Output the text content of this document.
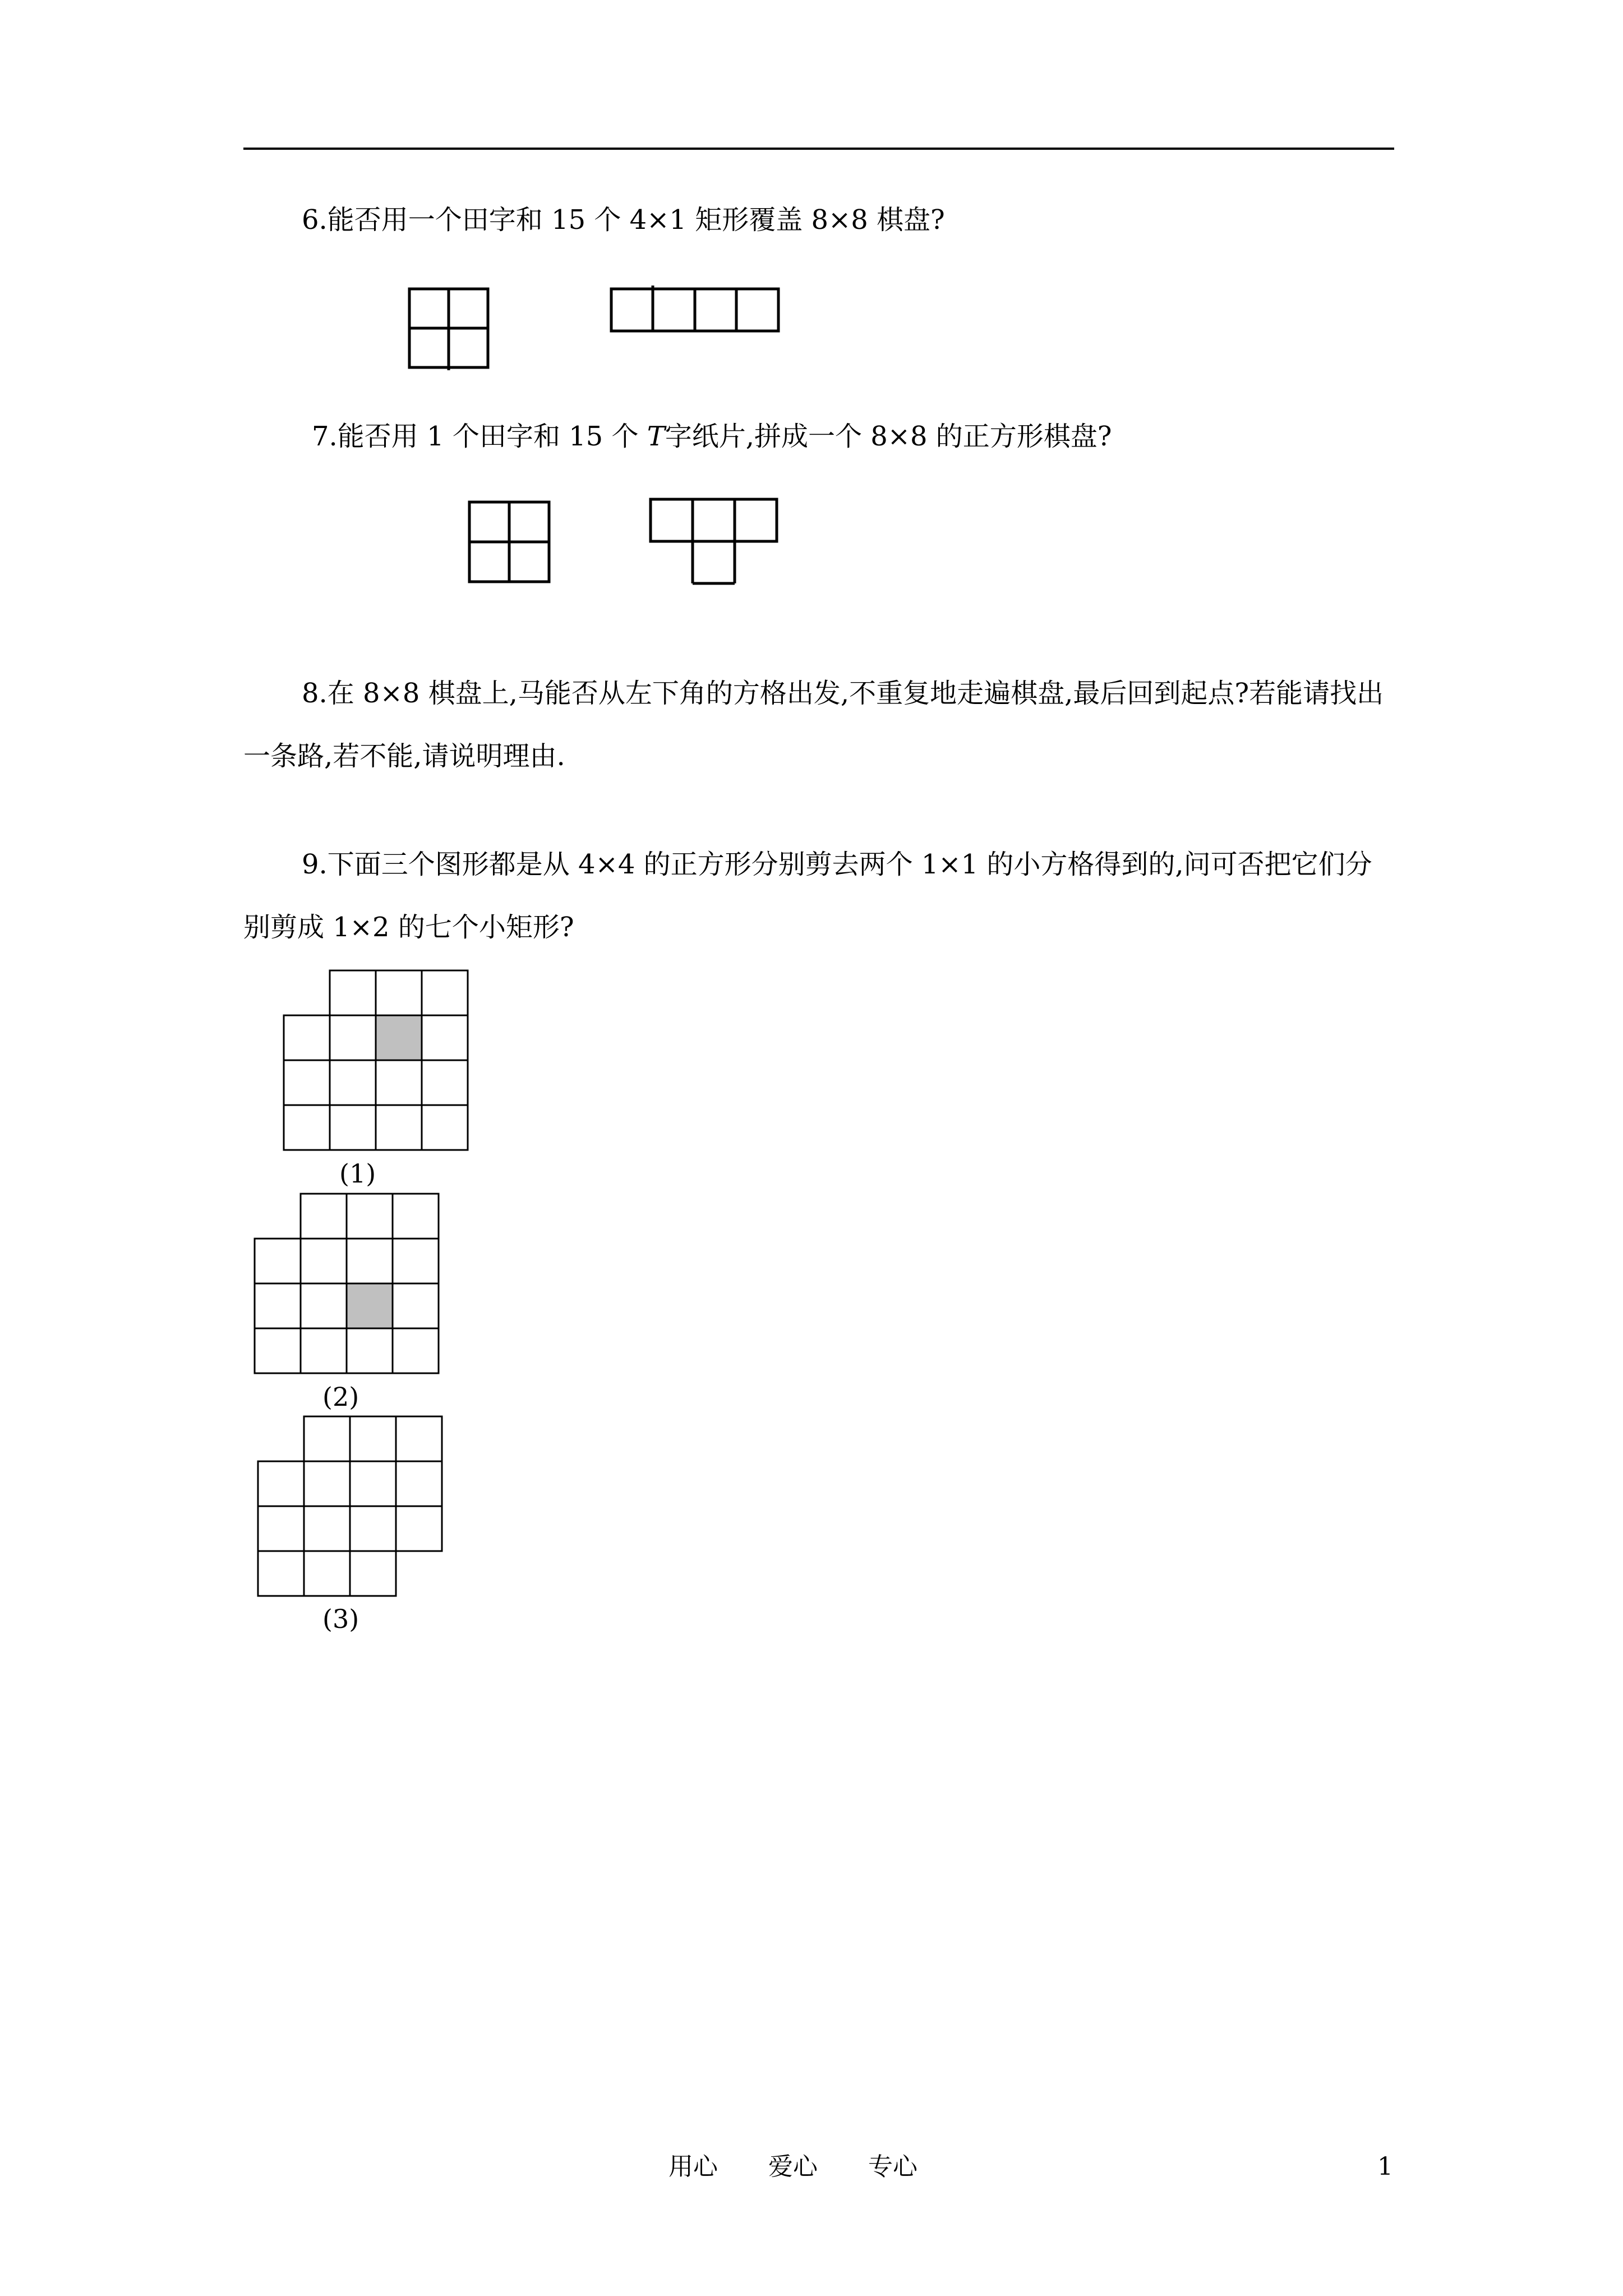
6.能否用一个田字和 15 个 4×1 矩形覆盖 8×8 棋盘?
7.能否用 1 个田字和 15 个 T字纸片,拼成一个 8×8 的正方形棋盘?
8.在 8×8 棋盘上,马能否从左下角的方格出发,不重复地走遍棋盘,最后回到起点?若能请找出一条路,若不能,请说明理由.
9.下面三个图形都是从 4×4 的正方形分别剪去两个 1×1 的小方格得到的,问可否把它们分别剪成 1×2 的七个小矩形?
(1)
(2)
(3)
用心 爱心 专心	1
